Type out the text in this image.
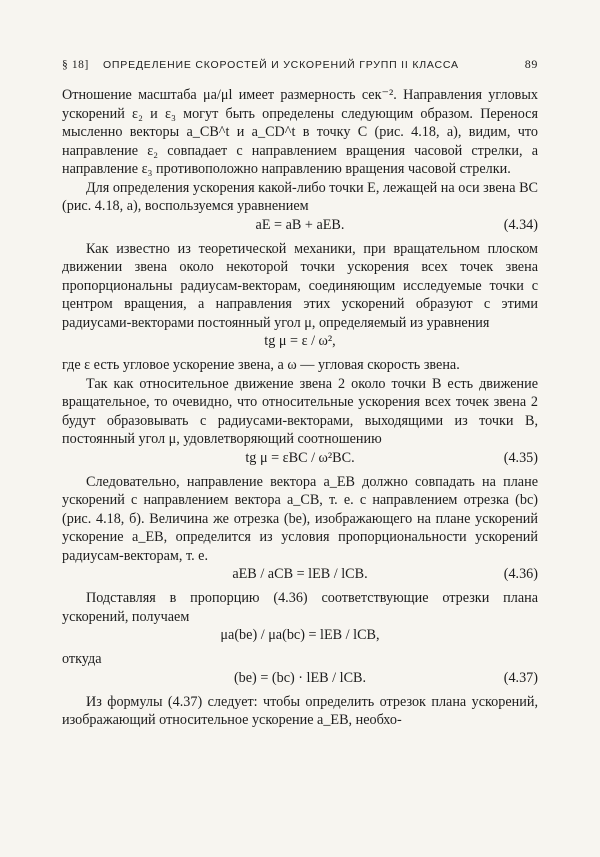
§ 18] ОПРЕДЕЛЕНИЕ СКОРОСТЕЙ И УСКОРЕНИЙ ГРУПП II КЛАССА	89

Отношение масштаба μa/μl имеет размерность сек⁻². Направления угловых ускорений ε₂ и ε₃ могут быть определены следующим образом. Перенося мысленно векторы a_CB^t и a_CD^t в точку C (рис. 4.18, а), видим, что направление ε₂ совпадает с направлением вращения часовой стрелки, а направление ε₃ противоположно направлению вращения часовой стрелки.

Для определения ускорения какой-либо точки E, лежащей на оси звена BC (рис. 4.18, а), воспользуемся уравнением

aE = aB + aEB.	(4.34)

Как известно из теоретической механики, при вращательном плоском движении звена около некоторой точки ускорения всех точек звена пропорциональны радиусам-векторам, соединяющим исследуемые точки с центром вращения, а направления этих ускорений образуют с этими радиусами-векторами постоянный угол μ, определяемый из уравнения

tg μ = ε / ω²,

где ε есть угловое ускорение звена, а ω — угловая скорость звена.

Так как относительное движение звена 2 около точки B есть движение вращательное, то очевидно, что относительные ускорения всех точек звена 2 будут образовывать с радиусами-векторами, выходящими из точки B, постоянный угол μ, удовлетворяющий соотношению

tg μ = εBC / ω²BC.	(4.35)

Следовательно, направление вектора a_EB должно совпадать на плане ускорений с направлением вектора a_CB, т. е. с направлением отрезка (bc) (рис. 4.18, б). Величина же отрезка (be), изображающего на плане ускорений ускорение a_EB, определится из условия пропорциональности ускорений радиусам-векторам, т. е.

aEB / aCB = lEB / lCB.	(4.36)

Подставляя в пропорцию (4.36) соответствующие отрезки плана ускорений, получаем

μa(be) / μa(bc) = lEB / lCB,

откуда

(be) = (bc) · lEB / lCB.	(4.37)

Из формулы (4.37) следует: чтобы определить отрезок плана ускорений, изображающий относительное ускорение a_EB, необхо-
